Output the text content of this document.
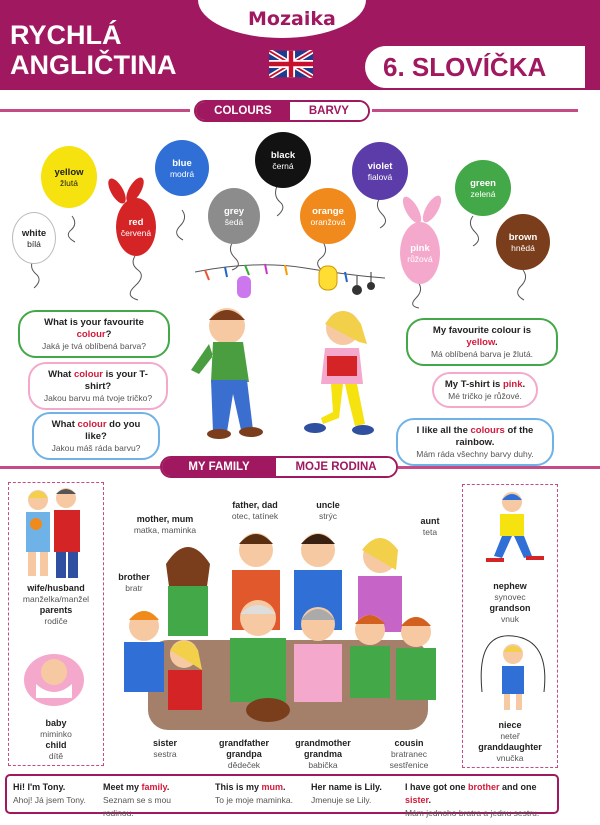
RYCHLÁ
ANGLIČTINA
Mozaika
6. SLOVÍČKA
COLOURS	BARVY
white
bílá
yellow
žlutá
red
červená
blue
modrá
grey
šedá
black
černá
orange
oranžová
violet
fialová
pink
růžová
green
zelená
brown
hnědá
What is your favourite colour?
Jaká je tvá oblíbená barva?
What colour is your T-shirt?
Jakou barvu má tvoje tričko?
What colour do you like?
Jakou máš ráda barvu?
My favourite colour is yellow.
Má oblíbená barva je žlutá.
My T-shirt is pink.
Mé tričko je růžové.
I like all the colours of the rainbow.
Mám ráda všechny barvy duhy.
MY FAMILY	MOJE RODINA
wife/husband
manželka/manžel
parents
rodiče
baby
miminko
child
dítě
nephew
synovec
grandson
vnuk
niece
neteř
granddaughter
vnučka
mother, mum
matka, maminka
father, dad
otec, tatínek
uncle
strýc	aunt
teta
brother
bratr
sister
sestra
grandfather
grandpa
dědeček
grandmother
grandma
babička
cousin
bratranec
sestřenice
Hi! I'm Tony.
Ahoj! Já jsem Tony.
Meet my family.
Seznam se s mou rodinou.
This is my mum.
To je moje maminka.
Her name is Lily.
Jmenuje se Lily.
I have got one brother and one sister.
Mám jednoho bratra a jednu sestru.
